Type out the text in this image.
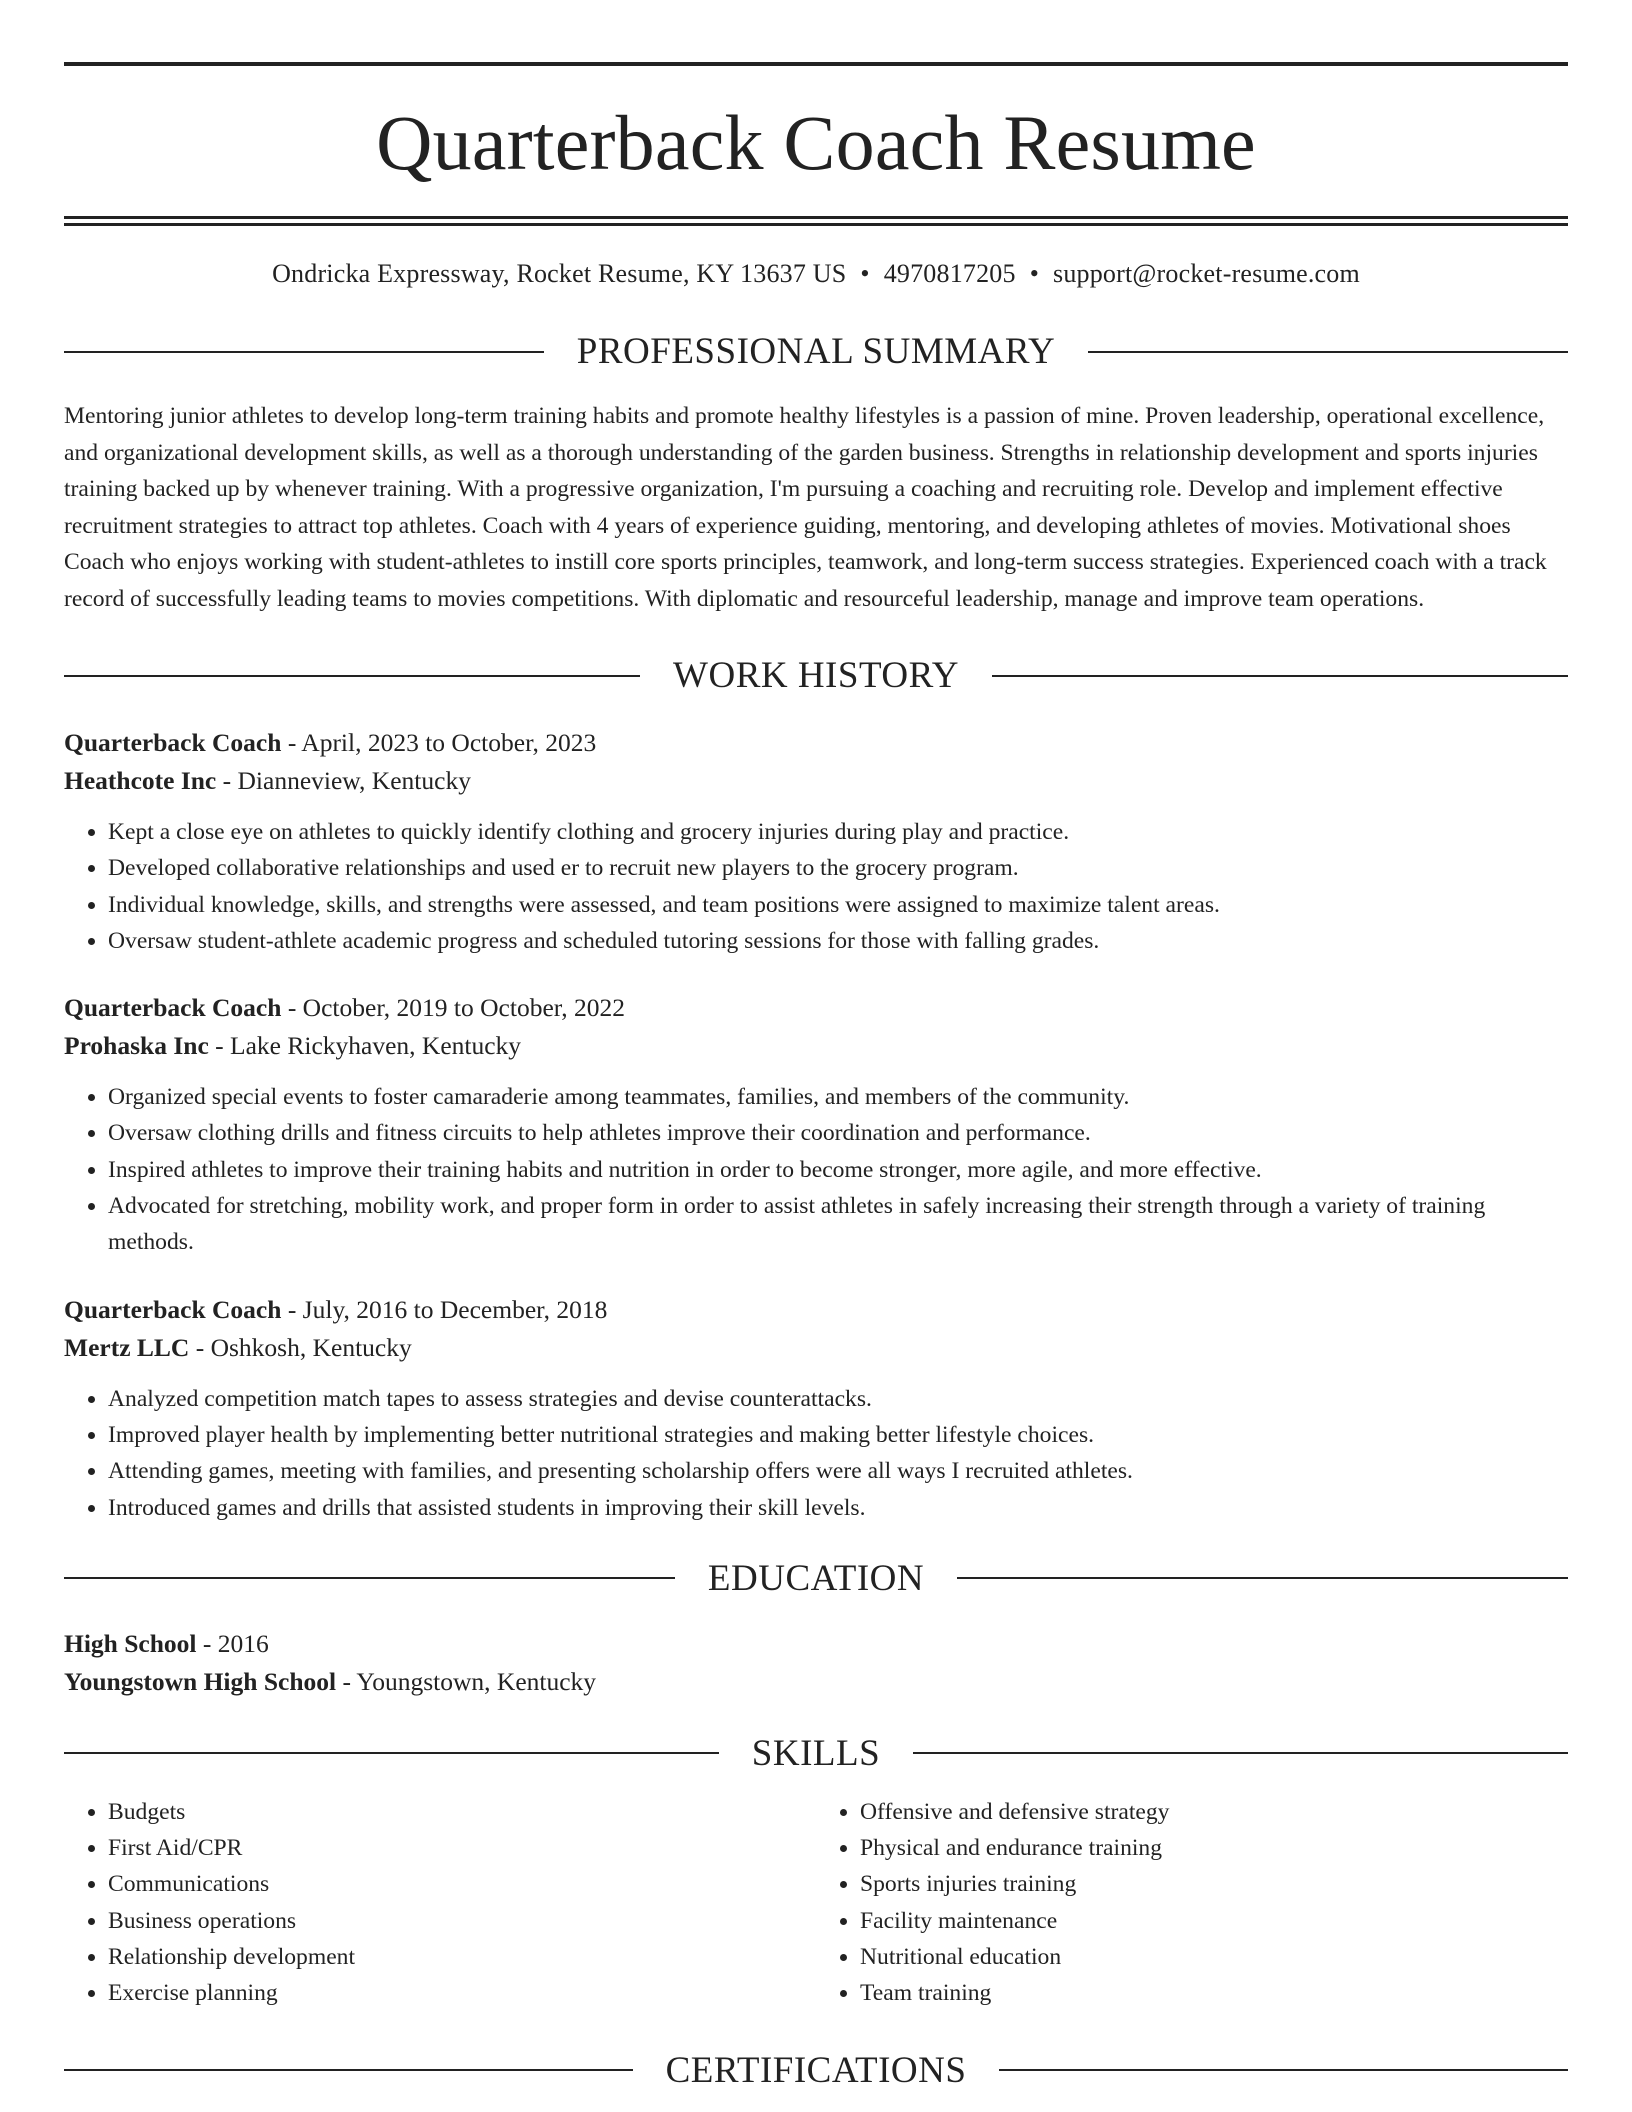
Quarterback Coach Resume
Ondricka Expressway, Rocket Resume, KY 13637 US • 4970817205 • support@rocket-resume.com
PROFESSIONAL SUMMARY
Mentoring junior athletes to develop long-term training habits and promote healthy lifestyles is a passion of mine. Proven leadership, operational excellence, and organizational development skills, as well as a thorough understanding of the garden business. Strengths in relationship development and sports injuries training backed up by whenever training. With a progressive organization, I'm pursuing a coaching and recruiting role. Develop and implement effective recruitment strategies to attract top athletes. Coach with 4 years of experience guiding, mentoring, and developing athletes of movies. Motivational shoes Coach who enjoys working with student-athletes to instill core sports principles, teamwork, and long-term success strategies. Experienced coach with a track record of successfully leading teams to movies competitions. With diplomatic and resourceful leadership, manage and improve team operations.
WORK HISTORY
Quarterback Coach - April, 2023 to October, 2023
Heathcote Inc - Dianneview, Kentucky
• Kept a close eye on athletes to quickly identify clothing and grocery injuries during play and practice.
• Developed collaborative relationships and used er to recruit new players to the grocery program.
• Individual knowledge, skills, and strengths were assessed, and team positions were assigned to maximize talent areas.
• Oversaw student-athlete academic progress and scheduled tutoring sessions for those with falling grades.
Quarterback Coach - October, 2019 to October, 2022
Prohaska Inc - Lake Rickyhaven, Kentucky
• Organized special events to foster camaraderie among teammates, families, and members of the community.
• Oversaw clothing drills and fitness circuits to help athletes improve their coordination and performance.
• Inspired athletes to improve their training habits and nutrition in order to become stronger, more agile, and more effective.
• Advocated for stretching, mobility work, and proper form in order to assist athletes in safely increasing their strength through a variety of training methods.
Quarterback Coach - July, 2016 to December, 2018
Mertz LLC - Oshkosh, Kentucky
• Analyzed competition match tapes to assess strategies and devise counterattacks.
• Improved player health by implementing better nutritional strategies and making better lifestyle choices.
• Attending games, meeting with families, and presenting scholarship offers were all ways I recruited athletes.
• Introduced games and drills that assisted students in improving their skill levels.
EDUCATION
High School - 2016
Youngstown High School - Youngstown, Kentucky
SKILLS
• Budgets
• First Aid/CPR
• Communications
• Business operations
• Relationship development
• Exercise planning
• Offensive and defensive strategy
• Physical and endurance training
• Sports injuries training
• Facility maintenance
• Nutritional education
• Team training
CERTIFICATIONS
